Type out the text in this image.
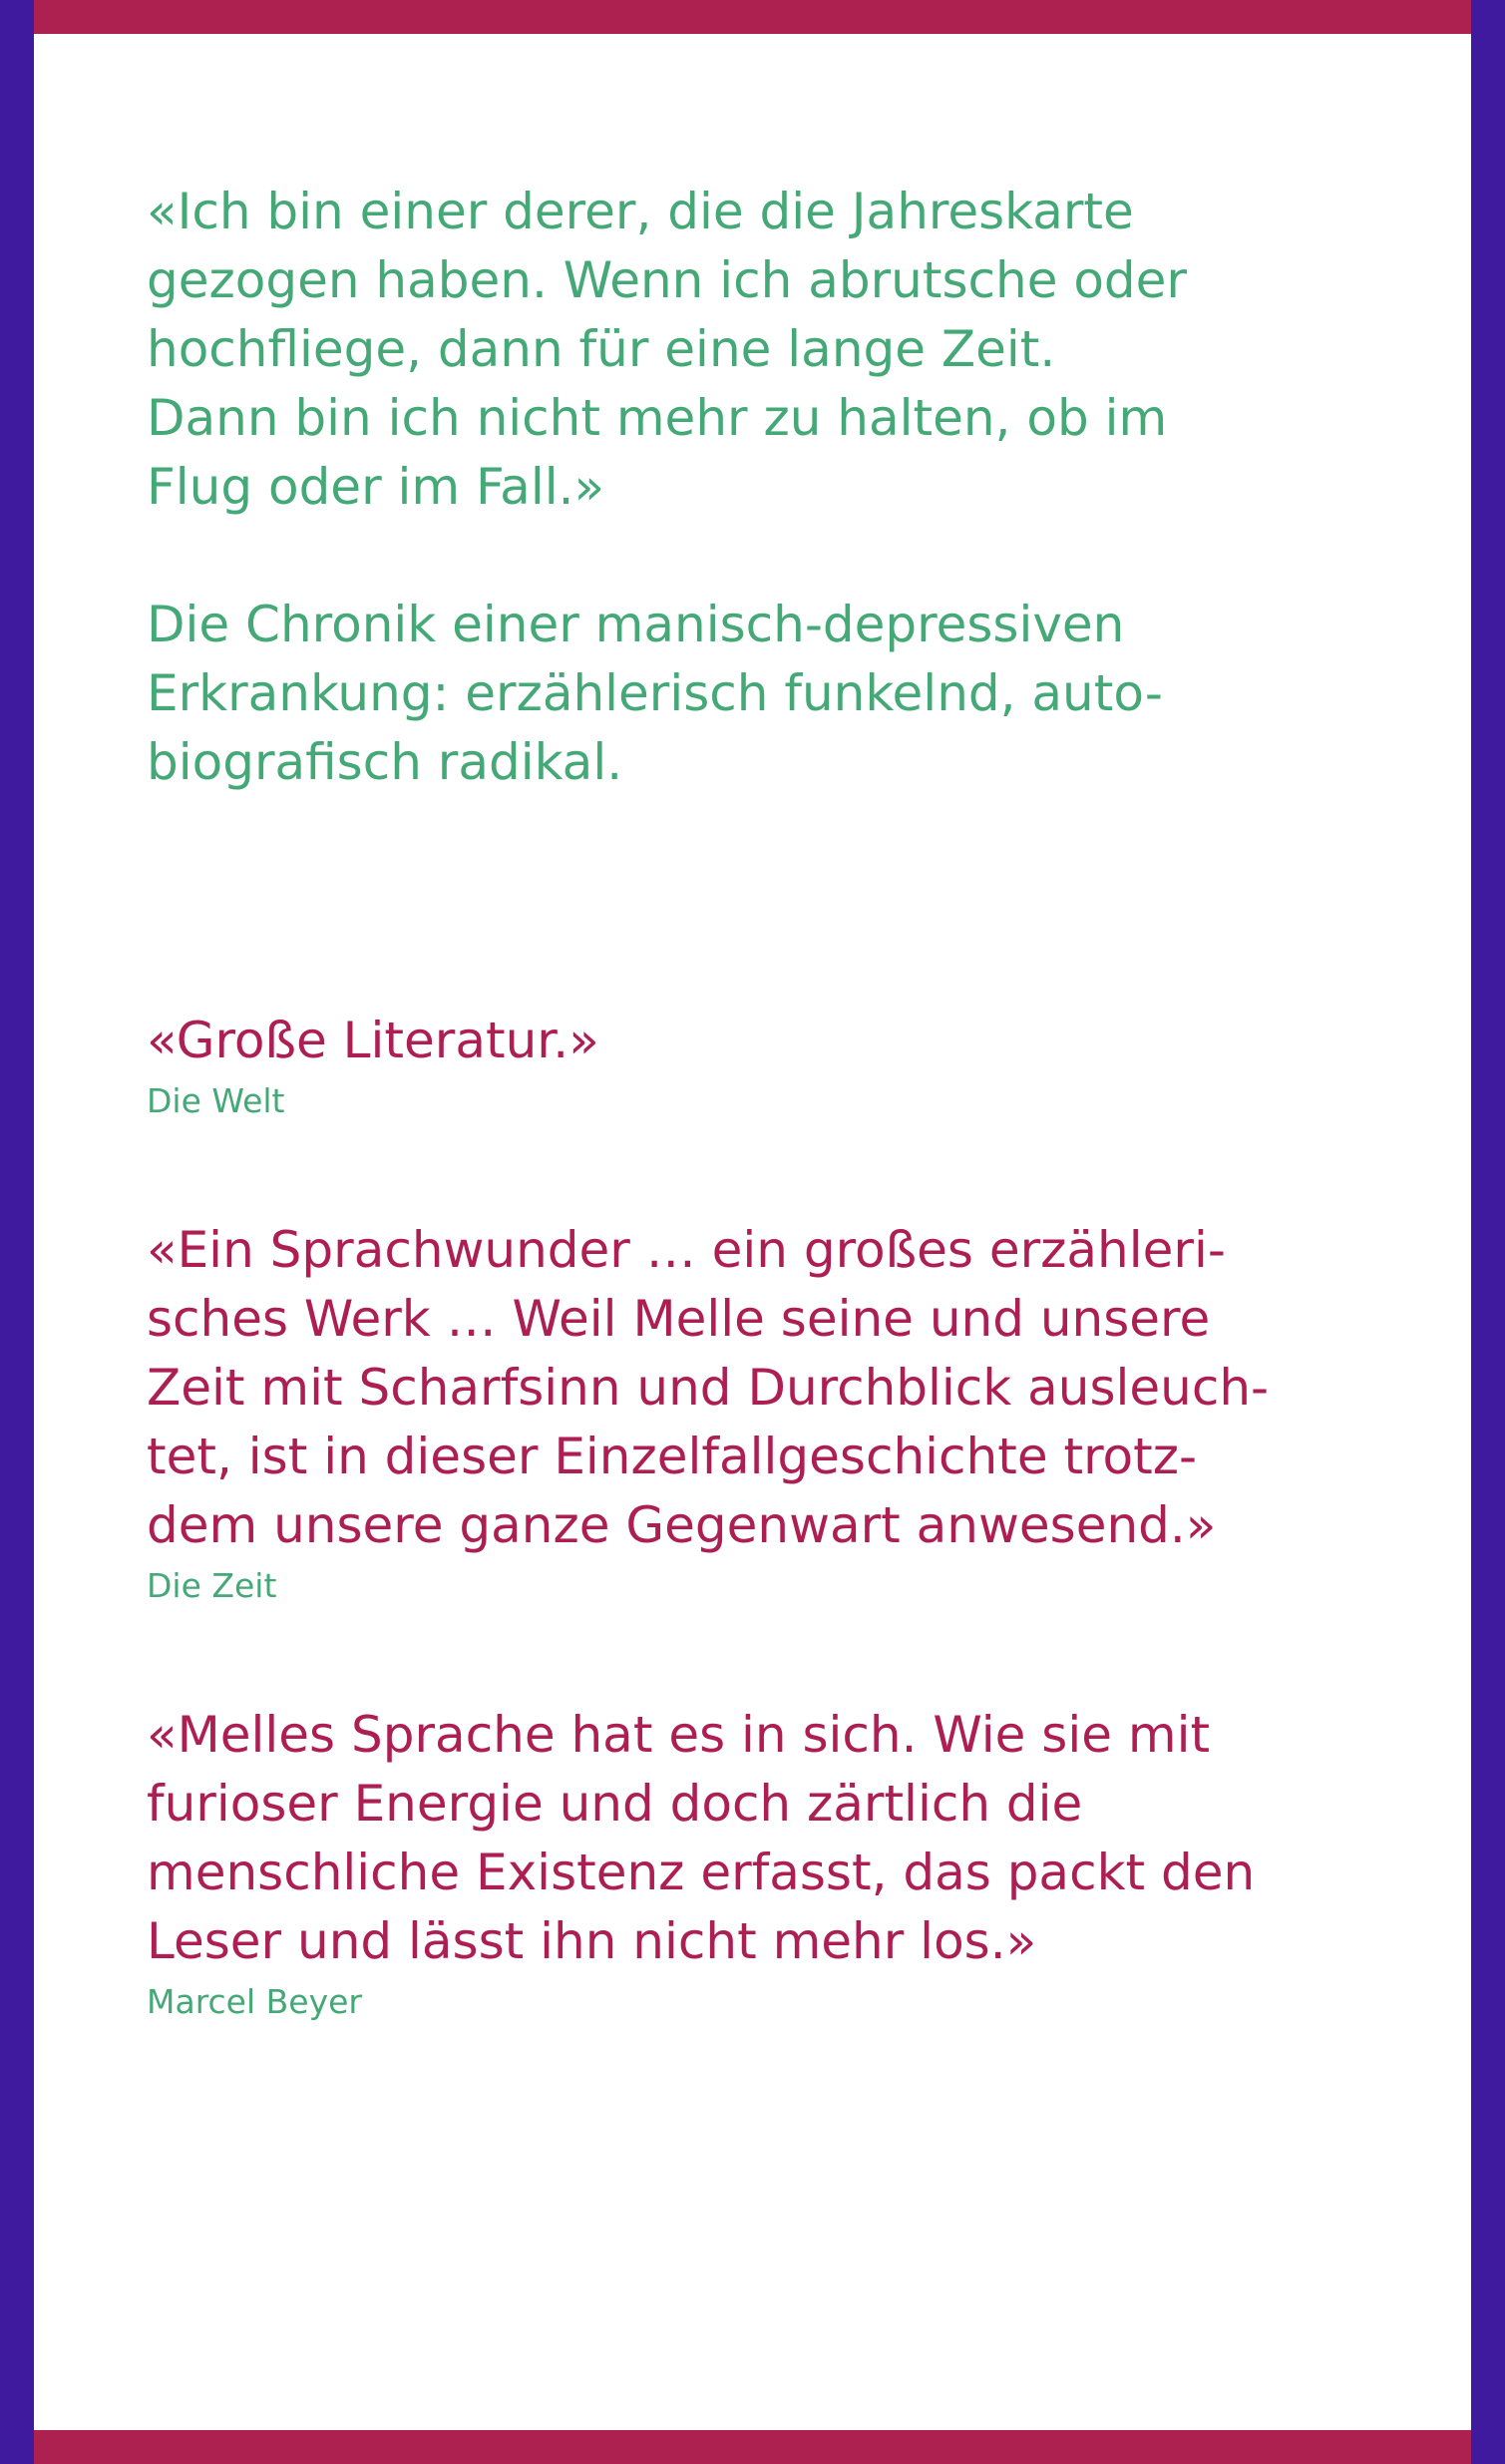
«Ich bin einer derer, die die Jahreskarte
gezogen haben. Wenn ich abrutsche oder
hochfliege, dann für eine lange Zeit.
Dann bin ich nicht mehr zu halten, ob im
Flug oder im Fall.»

Die Chronik einer manisch-depressiven
Erkrankung: erzählerisch funkelnd, auto-
biografisch radikal.

«Große Literatur.»

Die Welt

«Ein Sprachwunder … ein großes erzähleri-
sches Werk … Weil Melle seine und unsere
Zeit mit Scharfsinn und Durchblick ausleuch-
tet, ist in dieser Einzelfallgeschichte trotz-
dem unsere ganze Gegenwart anwesend.»

Die Zeit

«Melles Sprache hat es in sich. Wie sie mit
furioser Energie und doch zärtlich die
menschliche Existenz erfasst, das packt den
Leser und lässt ihn nicht mehr los.»

Marcel Beyer
